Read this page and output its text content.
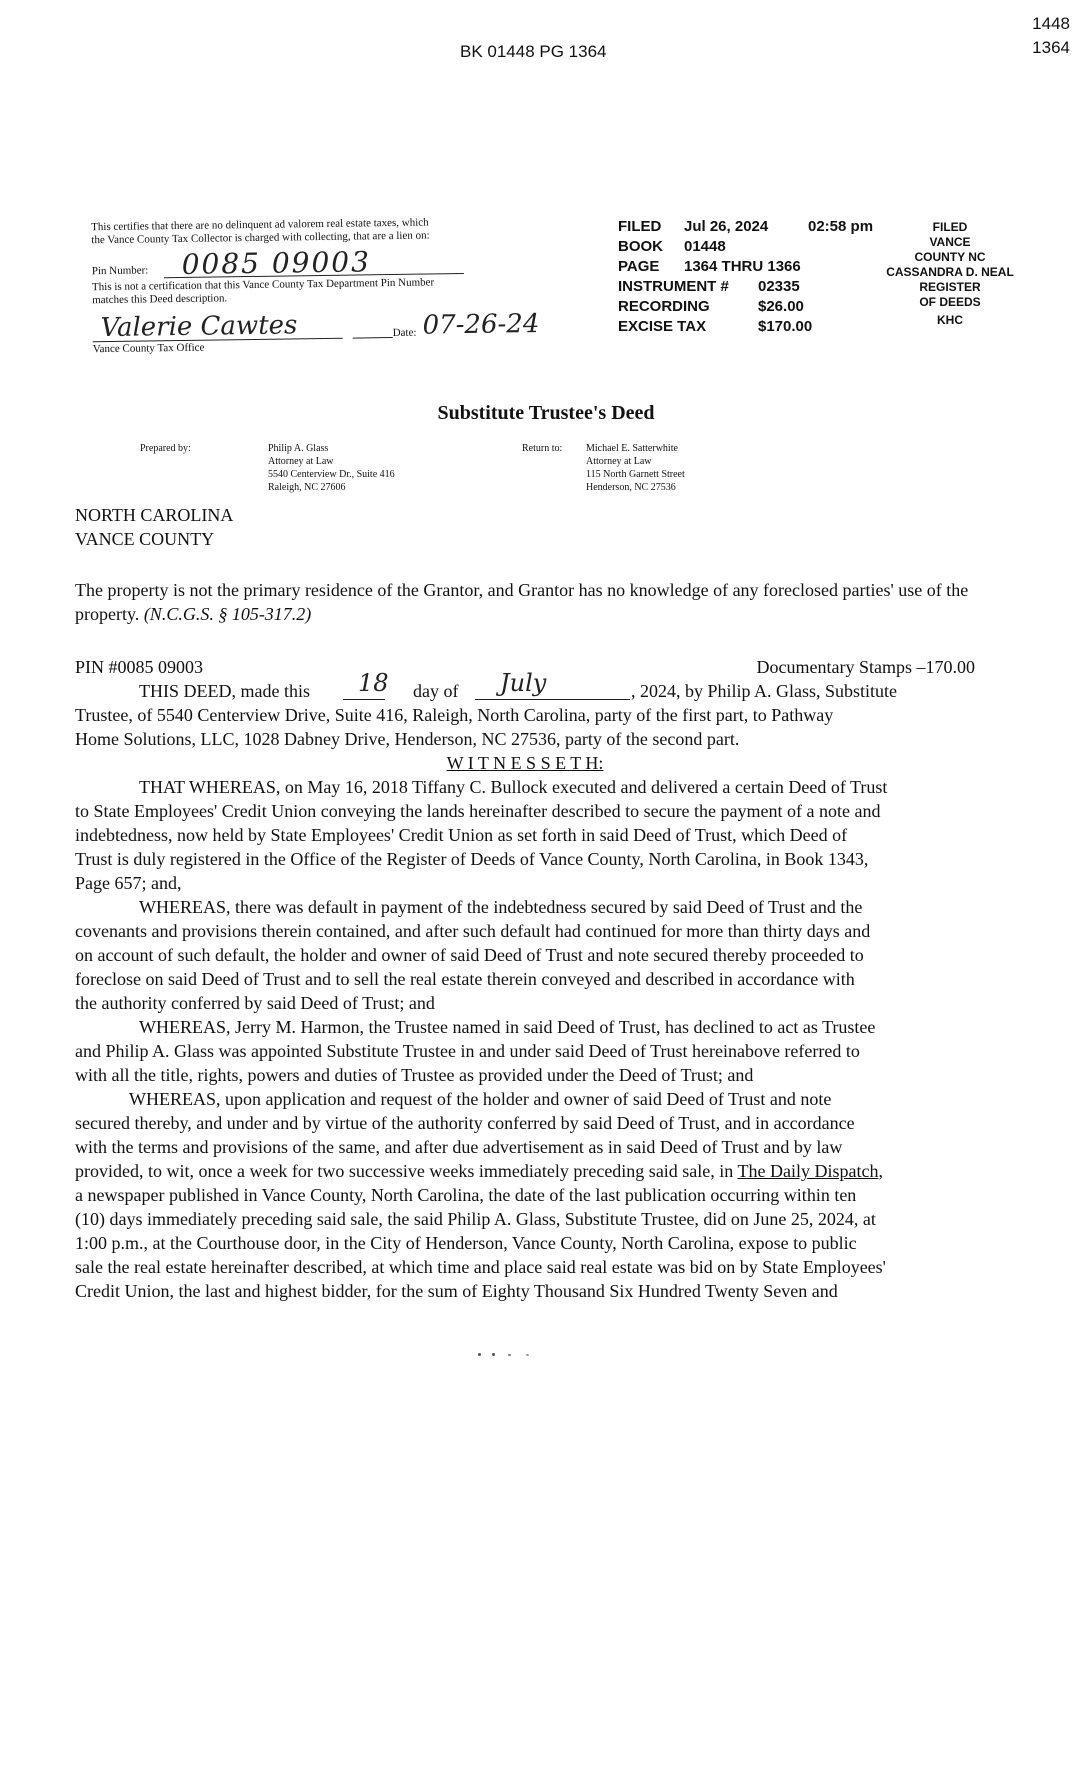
BK 01448 PG 1364
1448
1364
This certifies that there are no delinquent ad valorem real estate taxes, which
the Vance County Tax Collector is charged with collecting, that are a lien on:
Pin Number: 0085 09003
This is not a certification that this Vance County Tax Department Pin Number
matches this Deed description.
Valerie Cawtes
Vance County Tax Office
Date: 07-26-24
FILED Jul 26, 2024	02:58 pm
BOOK 01448
PAGE 1364 THRU 1366
INSTRUMENT # 02335
RECORDING	$26.00
EXCISE TAX	$170.00
FILED
VANCE
COUNTY NC
CASSANDRA D. NEAL
REGISTER
OF DEEDS
KHC
Substitute Trustee's Deed
Prepared by:	Philip A. Glass
Attorney at Law
5540 Centerview Dr., Suite 416
Raleigh, NC 27606
Return to: Michael E. Satterwhite
Attorney at Law
115 North Garnett Street
Henderson, NC 27536
NORTH CAROLINA
VANCE COUNTY
The property is not the primary residence of the Grantor, and Grantor has no knowledge of any foreclosed parties' use of the property. (N.C.G.S. § 105-317.2)
PIN #0085 09003	Documentary Stamps –170.00
THIS DEED, made this 18 day of July	, 2024, by Philip A. Glass, Substitute
Trustee, of 5540 Centerview Drive, Suite 416, Raleigh, North Carolina, party of the first part, to Pathway
Home Solutions, LLC, 1028 Dabney Drive, Henderson, NC 27536, party of the second part.
W I T N E S S E T H:
THAT WHEREAS, on May 16, 2018 Tiffany C. Bullock executed and delivered a certain Deed of Trust
to State Employees' Credit Union conveying the lands hereinafter described to secure the payment of a note and
indebtedness, now held by State Employees' Credit Union as set forth in said Deed of Trust, which Deed of
Trust is duly registered in the Office of the Register of Deeds of Vance County, North Carolina, in Book 1343,
Page 657; and,
WHEREAS, there was default in payment of the indebtedness secured by said Deed of Trust and the
covenants and provisions therein contained, and after such default had continued for more than thirty days and
on account of such default, the holder and owner of said Deed of Trust and note secured thereby proceeded to
foreclose on said Deed of Trust and to sell the real estate therein conveyed and described in accordance with
the authority conferred by said Deed of Trust; and
WHEREAS, Jerry M. Harmon, the Trustee named in said Deed of Trust, has declined to act as Trustee
and Philip A. Glass was appointed Substitute Trustee in and under said Deed of Trust hereinabove referred to
with all the title, rights, powers and duties of Trustee as provided under the Deed of Trust; and
WHEREAS, upon application and request of the holder and owner of said Deed of Trust and note
secured thereby, and under and by virtue of the authority conferred by said Deed of Trust, and in accordance
with the terms and provisions of the same, and after due advertisement as in said Deed of Trust and by law
provided, to wit, once a week for two successive weeks immediately preceding said sale, in The Daily Dispatch,
a newspaper published in Vance County, North Carolina, the date of the last publication occurring within ten
(10) days immediately preceding said sale, the said Philip A. Glass, Substitute Trustee, did on June 25, 2024, at
1:00 p.m., at the Courthouse door, in the City of Henderson, Vance County, North Carolina, expose to public
sale the real estate hereinafter described, at which time and place said real estate was bid on by State Employees'
Credit Union, the last and highest bidder, for the sum of Eighty Thousand Six Hundred Twenty Seven and
